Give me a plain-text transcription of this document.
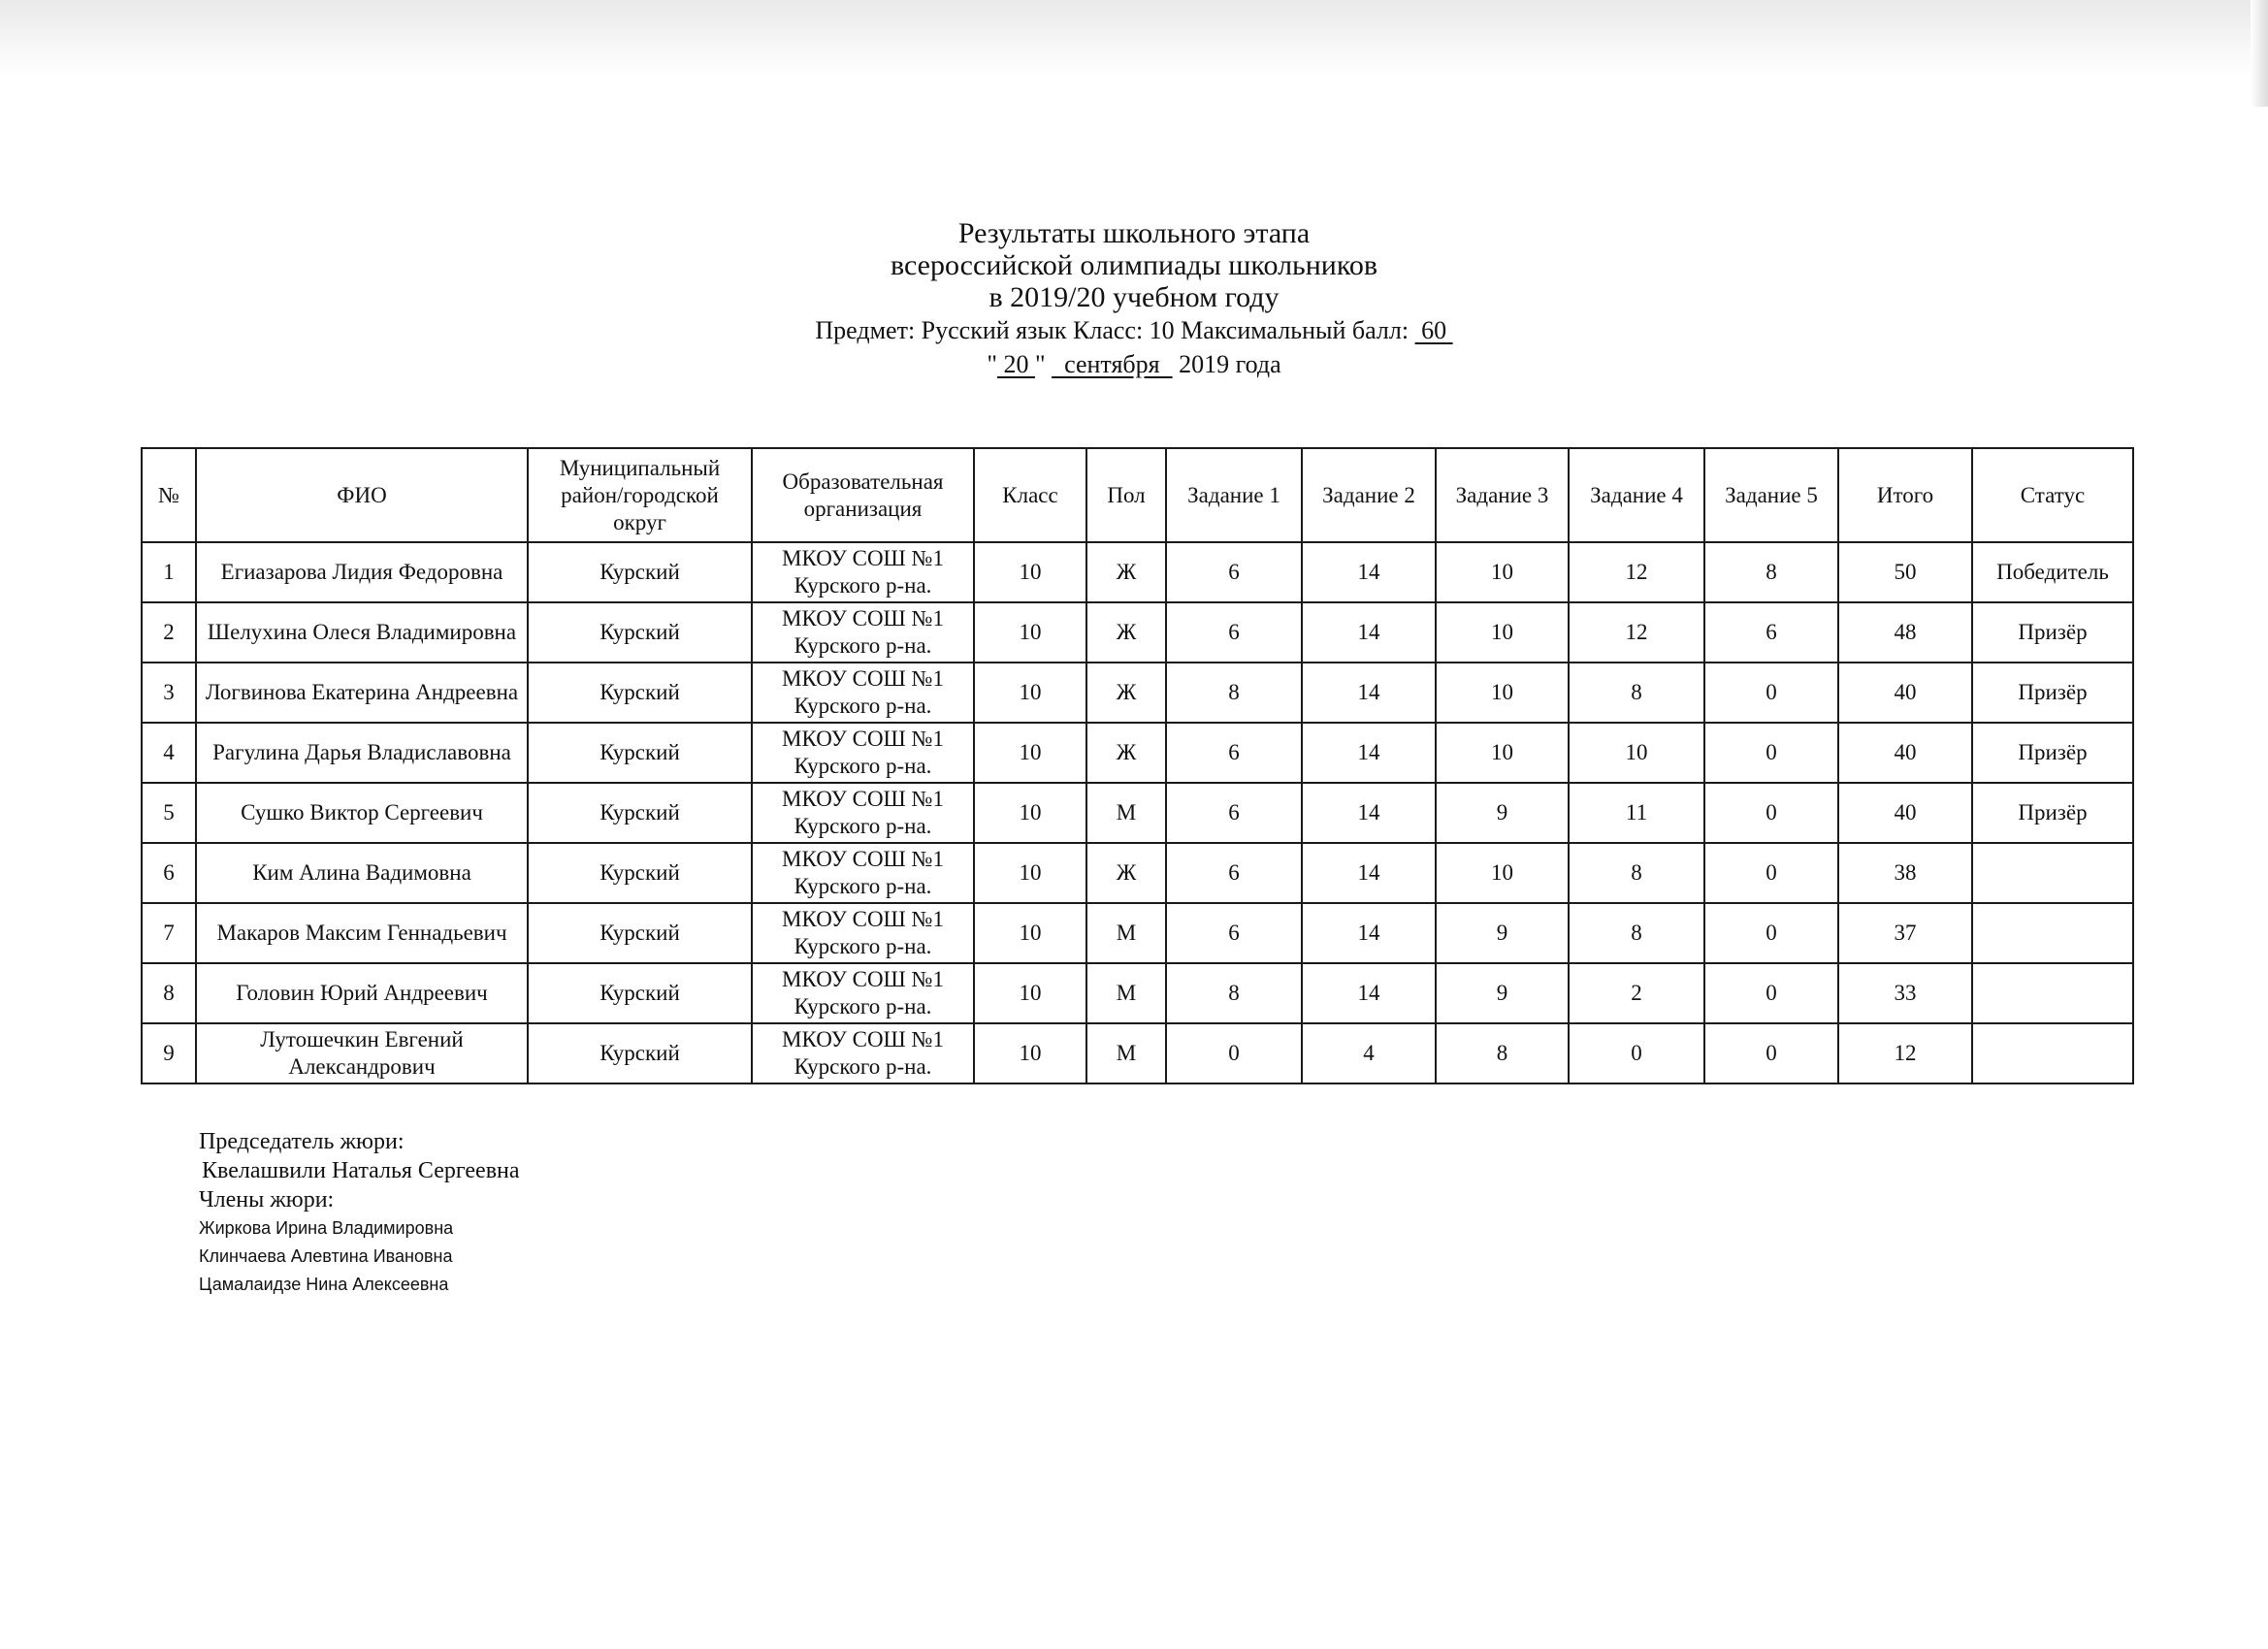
Результаты школьного этапа
всероссийской олимпиады школьников
в 2019/20 учебном году
Предмет: Русский язык Класс: 10 Максимальный балл: 60
" 20 "   сентября 2019 года
№	ФИО	Муниципальный район/городской округ	Образовательная организация	Класс	Пол	Задание 1	Задание 2	Задание 3	Задание 4	Задание 5	Итого	Статус
1	Егиазарова Лидия Федоровна	Курский	МКОУ СОШ №1 Курского р-на.	10	Ж	6	14	10	12	8	50	Победитель
2	Шелухина Олеся Владимировна	Курский	МКОУ СОШ №1 Курского р-на.	10	Ж	6	14	10	12	6	48	Призёр
3	Логвинова Екатерина Андреевна	Курский	МКОУ СОШ №1 Курского р-на.	10	Ж	8	14	10	8	0	40	Призёр
4	Рагулина Дарья Владиславовна	Курский	МКОУ СОШ №1 Курского р-на.	10	Ж	6	14	10	10	0	40	Призёр
5	Сушко Виктор Сергеевич	Курский	МКОУ СОШ №1 Курского р-на.	10	М	6	14	9	11	0	40	Призёр
6	Ким Алина Вадимовна	Курский	МКОУ СОШ №1 Курского р-на.	10	Ж	6	14	10	8	0	38	
7	Макаров Максим Геннадьевич	Курский	МКОУ СОШ №1 Курского р-на.	10	М	6	14	9	8	0	37	
8	Головин Юрий Андреевич	Курский	МКОУ СОШ №1 Курского р-на.	10	М	8	14	9	2	0	33	
9	Лутошечкин Евгений Александрович	Курский	МКОУ СОШ №1 Курского р-на.	10	М	0	4	8	0	0	12	
Председатель жюри:
Квелашвили Наталья Сергеевна
Члены жюри:
Жиркова Ирина Владимировна
Клинчаева Алевтина Ивановна
Цамалаидзе Нина Алексеевна
